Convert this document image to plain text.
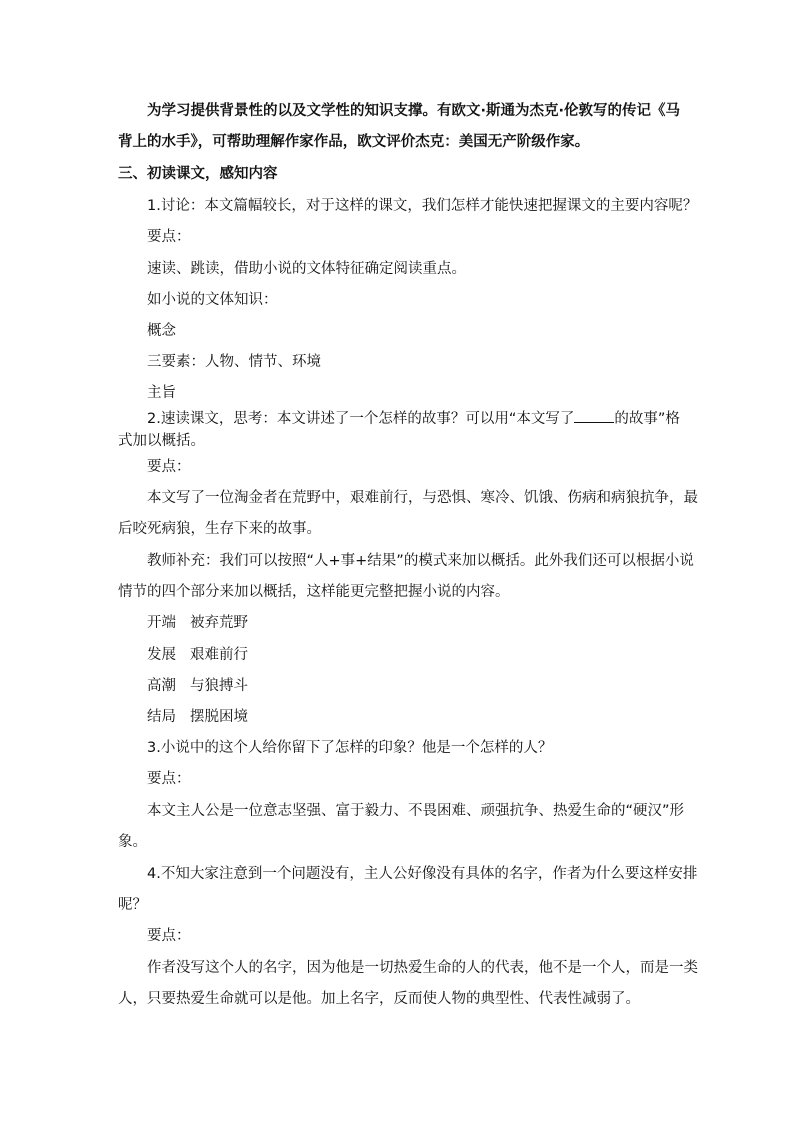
为学习提供背景性的以及文学性的知识支撑。有欧文·斯通为杰克·伦敦写的传记《马

背上的水手》，可帮助理解作家作品，欧文评价杰克：美国无产阶级作家。

三、初读课文，感知内容

1.讨论：本文篇幅较长，对于这样的课文，我们怎样才能快速把握课文的主要内容呢？

要点：

速读、跳读，借助小说的文体特征确定阅读重点。

如小说的文体知识：

概念

三要素：人物、情节、环境

主旨

2.速读课文，思考：本文讲述了一个怎样的故事？可以用“本文写了	的故事”格

式加以概括。

要点：

本文写了一位淘金者在荒野中，艰难前行，与恐惧、寒冷、饥饿、伤病和病狼抗争，最

后咬死病狼，生存下来的故事。

教师补充：我们可以按照“人+事+结果”的模式来加以概括。此外我们还可以根据小说

情节的四个部分来加以概括，这样能更完整把握小说的内容。

开端 被弃荒野

发展 艰难前行

高潮 与狼搏斗

结局 摆脱困境

3.小说中的这个人给你留下了怎样的印象？他是一个怎样的人？

要点：

本文主人公是一位意志坚强、富于毅力、不畏困难、顽强抗争、热爱生命的“硬汉”形

象。

4.不知大家注意到一个问题没有，主人公好像没有具体的名字，作者为什么要这样安排

呢？

要点：

作者没写这个人的名字，因为他是一切热爱生命的人的代表，他不是一个人，而是一类

人，只要热爱生命就可以是他。加上名字，反而使人物的典型性、代表性减弱了。
